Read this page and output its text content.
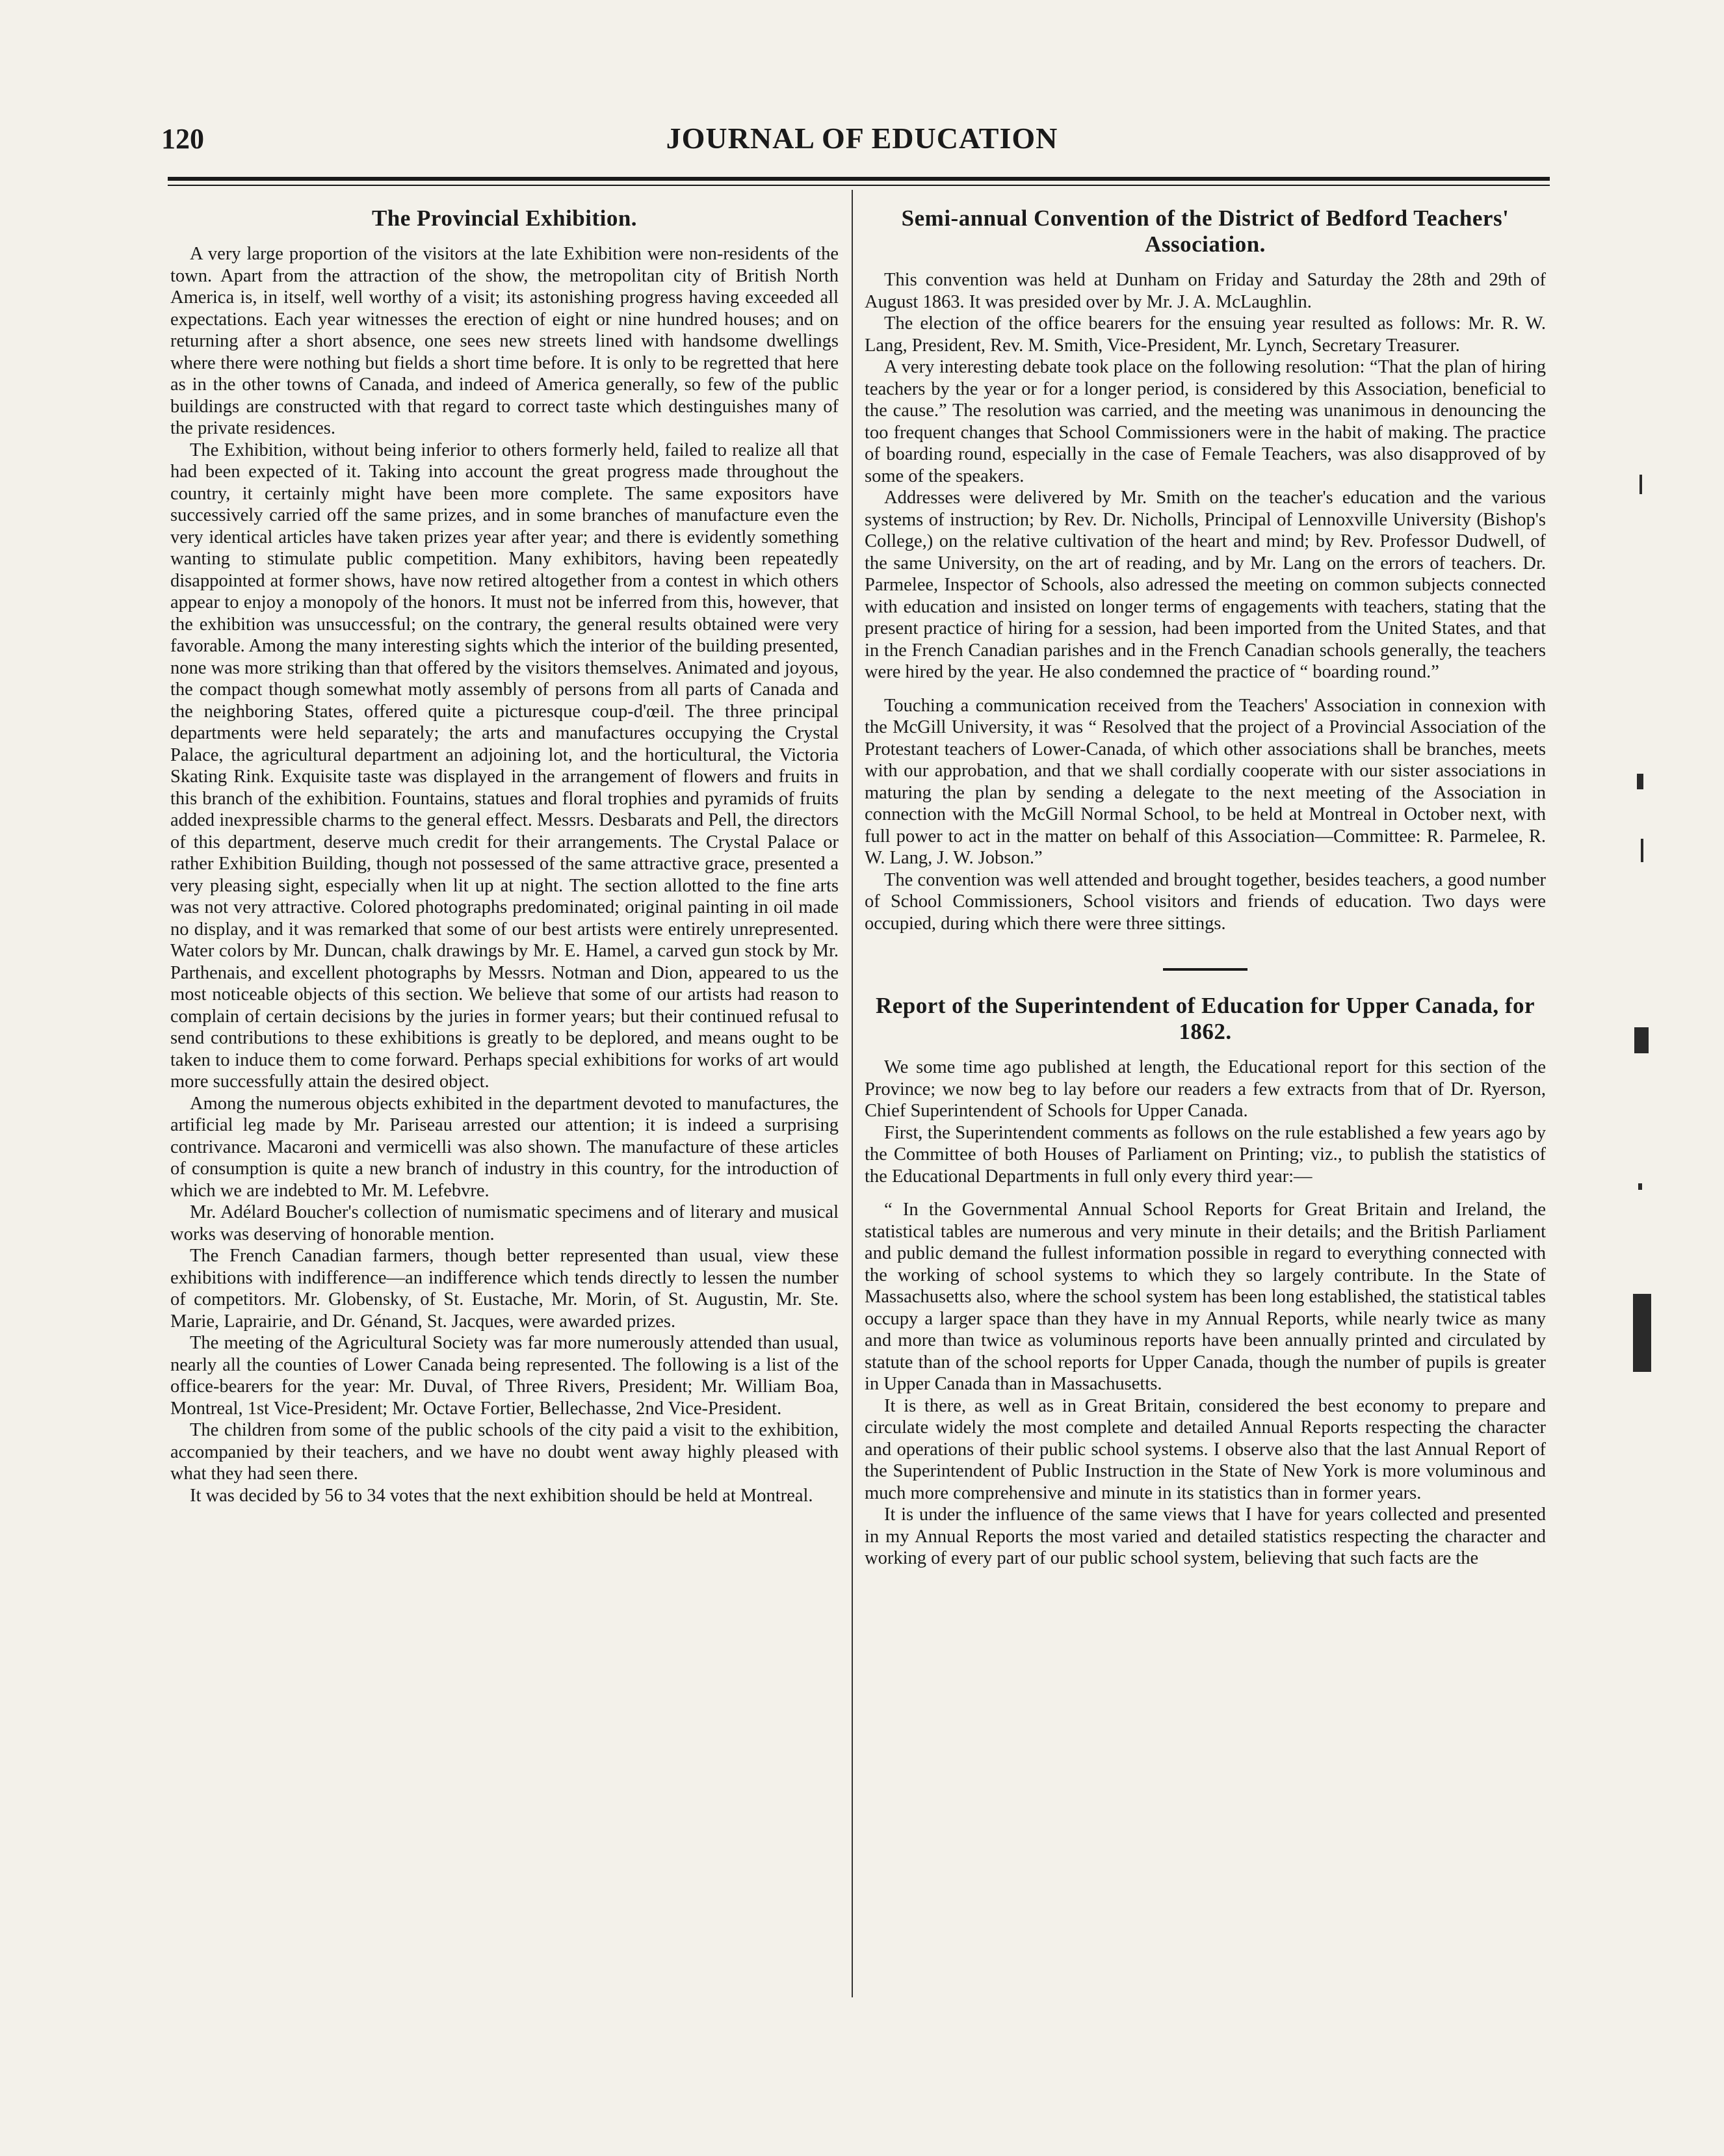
120	JOURNAL OF EDUCATION
The Provincial Exhibition.

A very large proportion of the visitors at the late Exhibition were non-residents of the town. Apart from the attraction of the show, the metropolitan city of British North America is, in itself, well worthy of a visit; its astonishing progress having exceeded all expectations. Each year witnesses the erection of eight or nine hundred houses; and on returning after a short absence, one sees new streets lined with handsome dwellings where there were nothing but fields a short time before. It is only to be regretted that here as in the other towns of Canada, and indeed of America generally, so few of the public buildings are constructed with that regard to correct taste which destinguishes many of the private residences.

The Exhibition, without being inferior to others formerly held, failed to realize all that had been expected of it. Taking into account the great progress made throughout the country, it certainly might have been more complete. The same expositors have successively carried off the same prizes, and in some branches of manufacture even the very identical articles have taken prizes year after year; and there is evidently something wanting to stimulate public competition. Many exhibitors, having been repeatedly disappointed at former shows, have now retired altogether from a contest in which others appear to enjoy a monopoly of the honors. It must not be inferred from this, however, that the exhibition was unsuccessful; on the contrary, the general results obtained were very favorable. Among the many interesting sights which the interior of the building presented, none was more striking than that offered by the visitors themselves. Animated and joyous, the compact though somewhat motly assembly of persons from all parts of Canada and the neighboring States, offered quite a picturesque coup-d'œil. The three principal departments were held separately; the arts and manufactures occupying the Crystal Palace, the agricultural department an adjoining lot, and the horticultural, the Victoria Skating Rink. Exquisite taste was displayed in the arrangement of flowers and fruits in this branch of the exhibition. Fountains, statues and floral trophies and pyramids of fruits added inexpressible charms to the general effect. Messrs. Desbarats and Pell, the directors of this department, deserve much credit for their arrangements. The Crystal Palace or rather Exhibition Building, though not possessed of the same attractive grace, presented a very pleasing sight, especially when lit up at night. The section allotted to the fine arts was not very attractive. Colored photographs predominated; original painting in oil made no display, and it was remarked that some of our best artists were entirely unrepresented. Water colors by Mr. Duncan, chalk drawings by Mr. E. Hamel, a carved gun stock by Mr. Parthenais, and excellent photographs by Messrs. Notman and Dion, appeared to us the most noticeable objects of this section. We believe that some of our artists had reason to complain of certain decisions by the juries in former years; but their continued refusal to send contributions to these exhibitions is greatly to be deplored, and means ought to be taken to induce them to come forward. Perhaps special exhibitions for works of art would more successfully attain the desired object.

Among the numerous objects exhibited in the department devoted to manufactures, the artificial leg made by Mr. Pariseau arrested our attention; it is indeed a surprising contrivance. Macaroni and vermicelli was also shown. The manufacture of these articles of consumption is quite a new branch of industry in this country, for the introduction of which we are indebted to Mr. M. Lefebvre.

Mr. Adélard Boucher's collection of numismatic specimens and of literary and musical works was deserving of honorable mention.

The French Canadian farmers, though better represented than usual, view these exhibitions with indifference—an indifference which tends directly to lessen the number of competitors. Mr. Globensky, of St. Eustache, Mr. Morin, of St. Augustin, Mr. Ste. Marie, Laprairie, and Dr. Génand, St. Jacques, were awarded prizes.

The meeting of the Agricultural Society was far more numerously attended than usual, nearly all the counties of Lower Canada being represented. The following is a list of the office-bearers for the year: Mr. Duval, of Three Rivers, President; Mr. William Boa, Montreal, 1st Vice-President; Mr. Octave Fortier, Bellechasse, 2nd Vice-President.

The children from some of the public schools of the city paid a visit to the exhibition, accompanied by their teachers, and we have no doubt went away highly pleased with what they had seen there.

It was decided by 56 to 34 votes that the next exhibition should be held at Montreal.

Semi-annual Convention of the District of Bedford Teachers' Association.

This convention was held at Dunham on Friday and Saturday the 28th and 29th of August 1863. It was presided over by Mr. J. A. McLaughlin.

The election of the office bearers for the ensuing year resulted as follows: Mr. R. W. Lang, President, Rev. M. Smith, Vice-President, Mr. Lynch, Secretary Treasurer.

A very interesting debate took place on the following resolution: “That the plan of hiring teachers by the year or for a longer period, is considered by this Association, beneficial to the cause.” The resolution was carried, and the meeting was unanimous in denouncing the too frequent changes that School Commissioners were in the habit of making. The practice of boarding round, especially in the case of Female Teachers, was also disapproved of by some of the speakers.

Addresses were delivered by Mr. Smith on the teacher's education and the various systems of instruction; by Rev. Dr. Nicholls, Principal of Lennoxville University (Bishop's College,) on the relative cultivation of the heart and mind; by Rev. Professor Dudwell, of the same University, on the art of reading, and by Mr. Lang on the errors of teachers. Dr. Parmelee, Inspector of Schools, also adressed the meeting on common subjects connected with education and insisted on longer terms of engagements with teachers, stating that the present practice of hiring for a session, had been imported from the United States, and that in the French Canadian parishes and in the French Canadian schools generally, the teachers were hired by the year. He also condemned the practice of “ boarding round.”

Touching a communication received from the Teachers' Association in connexion with the McGill University, it was “ Resolved that the project of a Provincial Association of the Protestant teachers of Lower-Canada, of which other associations shall be branches, meets with our approbation, and that we shall cordially cooperate with our sister associations in maturing the plan by sending a delegate to the next meeting of the Association in connection with the McGill Normal School, to be held at Montreal in October next, with full power to act in the matter on behalf of this Association—Committee: R. Parmelee, R. W. Lang, J. W. Jobson.”

The convention was well attended and brought together, besides teachers, a good number of School Commissioners, School visitors and friends of education. Two days were occupied, during which there were three sittings.

Report of the Superintendent of Education for Upper Canada, for 1862.

We some time ago published at length, the Educational report for this section of the Province; we now beg to lay before our readers a few extracts from that of Dr. Ryerson, Chief Superintendent of Schools for Upper Canada.

First, the Superintendent comments as follows on the rule established a few years ago by the Committee of both Houses of Parliament on Printing; viz., to publish the statistics of the Educational Departments in full only every third year:—

“ In the Governmental Annual School Reports for Great Britain and Ireland, the statistical tables are numerous and very minute in their details; and the British Parliament and public demand the fullest information possible in regard to everything connected with the working of school systems to which they so largely contribute. In the State of Massachusetts also, where the school system has been long established, the statistical tables occupy a larger space than they have in my Annual Reports, while nearly twice as many and more than twice as voluminous reports have been annually printed and circulated by statute than of the school reports for Upper Canada, though the number of pupils is greater in Upper Canada than in Massachusetts.

It is there, as well as in Great Britain, considered the best economy to prepare and circulate widely the most complete and detailed Annual Reports respecting the character and operations of their public school systems. I observe also that the last Annual Report of the Superintendent of Public Instruction in the State of New York is more voluminous and much more comprehensive and minute in its statistics than in former years.

It is under the influence of the same views that I have for years collected and presented in my Annual Reports the most varied and detailed statistics respecting the character and working of every part of our public school system, believing that such facts are the
